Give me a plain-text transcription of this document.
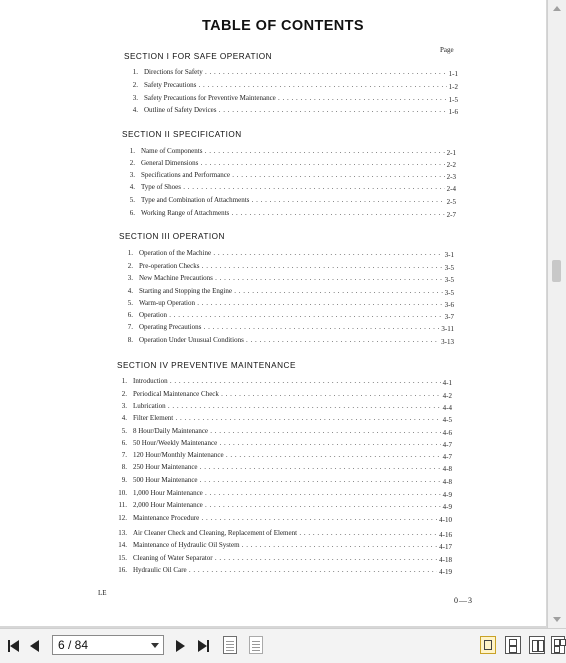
TABLE OF CONTENTS
Page
SECTION I FOR SAFE OPERATION
1. Directions for Safety . . .	1-1
2. Safety Precautions . . .	1-2
3. Safety Precautions for Preventive Maintenance . . .	1-5
4. Outline of Safety Devices . . .	1-6
SECTION II SPECIFICATION
1. Name of Components . . .	2-1
2. General Dimensions . . .	2-2
3. Specifications and Performance . . .	2-3
4. Type of Shoes . . .	2-4
5. Type and Combination of Attachments . . .	2-5
6. Working Range of Attachments . . .	2-7
SECTION III OPERATION
1. Operation of the Machine . . .	3-1
2. Pre-operation Checks . . .	3-5
3. New Machine Precautions . . .	3-5
4. Starting and Stopping the Engine . . .	3-5
5. Warm-up Operation . . .	3-6
6. Operation . . .	3-7
7. Operating Precautions . . .	3-11
8. Operation Under Unusual Conditions . . .	3-13
SECTION IV PREVENTIVE MAINTENANCE
1. Introduction . . .	4-1
2. Periodical Maintenance Check . . .	4-2
3. Lubrication . . .	4-4
4. Filter Element . . .	4-5
5. 8 Hour/Daily Maintenance . . .	4-6
6. 50 Hour/Weekly Maintenance . . .	4-7
7. 120 Hour/Monthly Maintenance . . .	4-7
8. 250 Hour Maintenance . . .	4-8
9. 500 Hour Maintenance . . .	4-8
10. 1,000 Hour Maintenance . . .	4-9
11. 2,000 Hour Maintenance . . .	4-9
12. Maintenance Procedure . . .	4-10
13. Air Cleaner Check and Cleaning, Replacement of Element . . .	4-16
14. Maintenance of Hydraulic Oil System . . .	4-17
15. Cleaning of Water Separator . . .	4-18
16. Hydraulic Oil Care . . .	4-19
LE
0—3
6 / 84
